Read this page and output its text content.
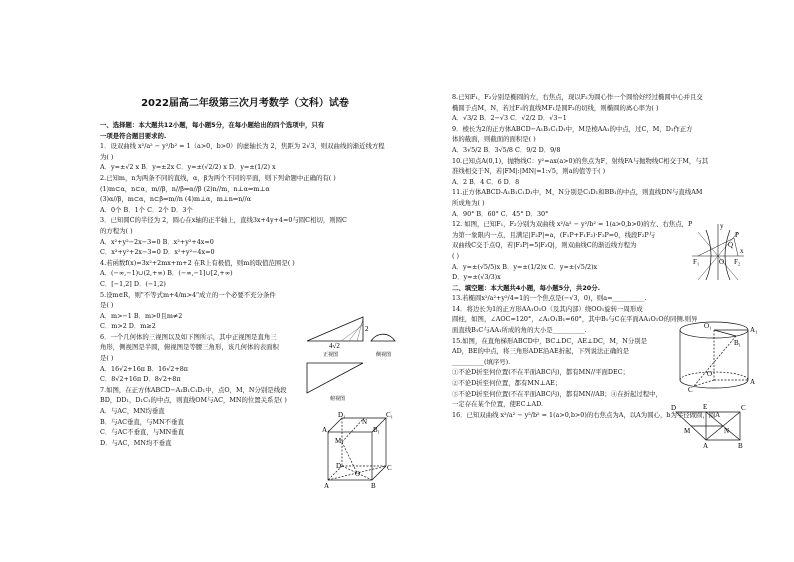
2022届高二年级第三次月考数学（文科）试卷
一、选择题：本大题共12小题，每小题5分，在每小题给出的四个选项中，只有
一项是符合题目要求的.
1．设双曲线 x²/a² − y²/b² = 1（a>0，b>0）的虚轴长为 2，焦距为 2√3，则双曲线的渐近线方程
为( )
A．y=±√2 x B．y=±2x C．y=±(√2/2) x D．y=±(1/2) x
2.已知m，n为两条不同的直线，α，β为两个不同的平面，则下列命题中正确的有( )
(1)m⊂α，n⊂α，m//β，n//β⇒α//β (2)n//m，n⊥α⇒m⊥α
(3)α//β，m⊂α，n⊂β⇒m//n (4)m⊥α，m⊥n⇒n//α
A．0个 B．1个 C．2个 D．3个
3．已知圆C的半径为 2，圆心在x轴的正半轴上，直线3x+4y+4=0与圆C相切，则圆C
的方程为( )
A．x²+y²−2x−3=0 B．x²+y²+4x=0
C．x²+y²+2x−3=0 D．x²+y²−4x=0
4.若函数f(x)=3x²+2mx+m+2 在R上有极值，则m的取值范围是( )
A．(−∞,−1)∪(2,+∞) B．(−∞,−1]∪[2,+∞)
C．[−1,2] D．(−1,2)
5.设m∈R，则"不等式m+4/m>4"成立的一个必要不充分条件
是( )
A．m>−1 B．m>0且m≠2
C．m>2 D．m≥2
6．一个几何体的三视图以及如下图所示，其中正视图是直角三
角形，侧视图是半圆，俯视图是等腰三角形，该几何体的表面积
是( )
A．16√2+16π B．16√2+8π
C．8√2+16π D．8√2+8π
7.如图，在正方体ABCD−A₁B₁C₁D₁中，点O，M，N分别是线段
BD，DD₁，D₁C₁的中点，则直线OM与AC，MN的位置关系是( )
A．与AC，MN均垂直
B．与AC垂直，与MN不垂直
C．与AC不垂直，与MN垂直
D．与AC，MN均不垂直
2
4√2
正视图	侧视图
俯视图
D₁	C₁
A₁	B₁
M
N
D	C
O
A	B
8.已知F₁，F₂分别是椭圆的左，右焦点，现以F₂为圆心作一个圆恰好经过椭圆中心并且交
椭圆于点M，N，若过F₁的直线MF₁是圆F₂的切线，则椭圆的离心率为( )
A．√3/2 B．2−√3 C．√2/2 D．√3−1
9．棱长为2的正方体ABCD−A₁B₁C₁D₁中，M是棱AA₁的中点，过C，M，D₁作正方
体的截面，则截面的面积是( )
A．3√5/2 B．3√5/8 C．9/2 D．9/8
10.已知点A(0,1)，抛物线C：y²=ax(a>0)的焦点为F，射线FA与抛物线C相交于M，与其
准线相交于N，若|FM|:|MN|=1:√5，则a的值等于( )
A．2 B．4 C．6 D．8
11.正方体ABCD-A₁B₁C₁D₁中，M，N分别是C₁D₁和BB₁的中点，则直线DN与直线AM
所成角为( )
A．90° B．60° C．45° D．30°
12. 如图，已知F₁，F₂分别为双曲线 x²/a² − y²/b² = 1(a>0,b>0)的左、右焦点，P
为第一象限内一点，且满足|F₂P|=a，(F₁P+F₁F₂)·F₂P=0，线段F₂P与
双曲线C交于点Q，若|F₂P|=5|F₂Q|，则双曲线C的渐近线方程为
( )
A．y=±(√5/5)x B．y=±(1/2)x C．y=±(√5/2)x
D．y=±(√3/3)x
二、填空题：本大题共4小题，每小题5分，共20分.
13.若椭圆x²/a²+y²/4=1的一个焦点是(−√3，0)，则a=__________.
14．将边长为1的正方形AA₁O₁O（及其内部）绕OO₁旋转一周形成
圆柱，如图，∠AOC=120°，∠A₁O₁B₁=60°，其中B₁与C在平面AA₁O₁O的同侧.则异
面直线B₁C与AA₁所成的角的大小是__________.
15.如图，在直角梯形ABCD中，BC⊥DC，AE⊥DC，M，N分别是
AD，BE的中点，将三角形ADE沿AE折起，下列说法正确的是
__________(填序号).
①不论D折至何位置(不在平面ABC内)，都有MN//平面DEC；
②不论D折至何位置，都有MN⊥AE；
③不论D折至何位置(不在平面ABC内)，都有MN//AB；④在折起过程中，
一定存在某个位置，使EC⊥AD.
16．已知双曲线 x²/a² − y²/b² = 1(a>0,b>0)的右焦点为A，以A为圆心，b为半径做圆，圆A
y
P
Q
F₁	O F₂
x
O₁
B₁
A₁
O
C
A
D	E	C
M	N
A	B
